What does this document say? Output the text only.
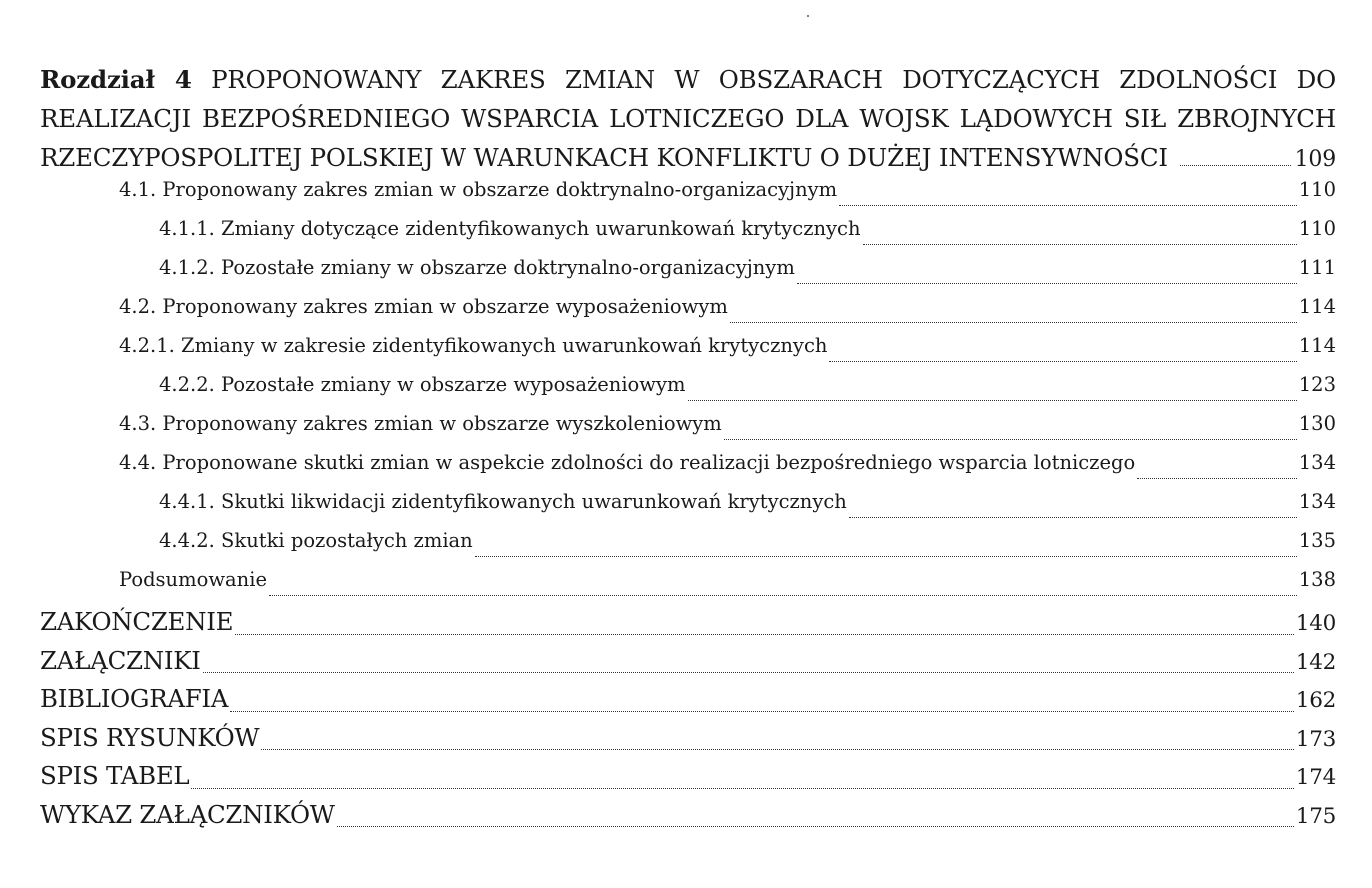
Rozdział 4 PROPONOWANY ZAKRES ZMIAN W OBSZARACH DOTYCZĄCYCH ZDOLNOŚCI DO
REALIZACJI BEZPOŚREDNIEGO WSPARCIA LOTNICZEGO DLA WOJSK LĄDOWYCH SIŁ ZBROJNYCH
RZECZYPOSPOLITEJ POLSKIEJ W WARUNKACH KONFLIKTU O DUŻEJ INTENSYWNOŚCI	109
4.1. Proponowany zakres zmian w obszarze doktrynalno-organizacyjnym	110
4.1.1. Zmiany dotyczące zidentyfikowanych uwarunkowań krytycznych	110
4.1.2. Pozostałe zmiany w obszarze doktrynalno-organizacyjnym	111
4.2. Proponowany zakres zmian w obszarze wyposażeniowym	114
4.2.1. Zmiany w zakresie zidentyfikowanych uwarunkowań krytycznych	114
4.2.2. Pozostałe zmiany w obszarze wyposażeniowym	123
4.3. Proponowany zakres zmian w obszarze wyszkoleniowym	130
4.4. Proponowane skutki zmian w aspekcie zdolności do realizacji bezpośredniego wsparcia lotniczego	134
4.4.1. Skutki likwidacji zidentyfikowanych uwarunkowań krytycznych	134
4.4.2. Skutki pozostałych zmian	135
Podsumowanie	138
ZAKOŃCZENIE	140
ZAŁĄCZNIKI	142
BIBLIOGRAFIA	162
SPIS RYSUNKÓW	173
SPIS TABEL	174
WYKAZ ZAŁĄCZNIKÓW	175
